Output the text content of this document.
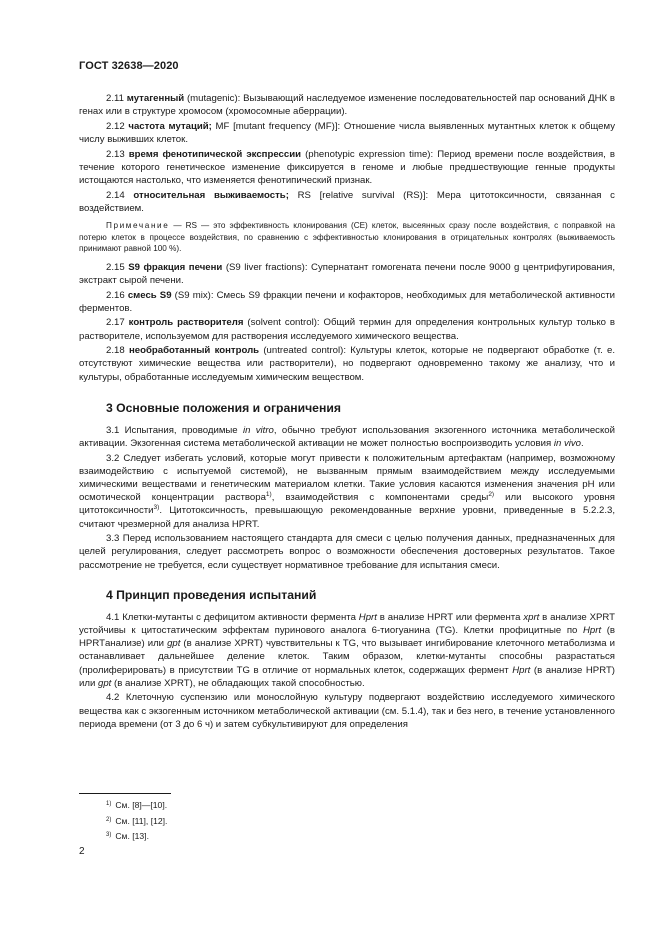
ГОСТ 32638—2020

2.11 мутагенный (mutagenic): Вызывающий наследуемое изменение последовательностей пар оснований ДНК в генах или в структуре хромосом (хромосомные аберрации).

2.12 частота мутаций; MF [mutant frequency (MF)]: Отношение числа выявленных мутантных клеток к общему числу выживших клеток.

2.13 время фенотипической экспрессии (phenotypic expression time): Период времени после воздействия, в течение которого генетическое изменение фиксируется в геноме и любые предшествующие генные продукты истощаются настолько, что изменяется фенотипический признак.

2.14 относительная выживаемость; RS [relative survival (RS)]: Мера цитотоксичности, связанная с воздействием.

Примечание — RS — это эффективность клонирования (CE) клеток, высеянных сразу после воздействия, с поправкой на потерю клеток в процессе воздействия, по сравнению с эффективностью клонирования в отрицательных контролях (выживаемость принимают равной 100 %).

2.15 S9 фракция печени (S9 liver fractions): Супернатант гомогената печени после 9000 g центрифугирования, экстракт сырой печени.

2.16 смесь S9 (S9 mix): Смесь S9 фракции печени и кофакторов, необходимых для метаболической активности ферментов.

2.17 контроль растворителя (solvent control): Общий термин для определения контрольных культур только в растворителе, используемом для растворения исследуемого химического вещества.

2.18 необработанный контроль (untreated control): Культуры клеток, которые не подвергают обработке (т. е. отсутствуют химические вещества или растворители), но подвергают одновременно такому же анализу, что и культуры, обработанные исследуемым химическим веществом.

3 Основные положения и ограничения

3.1 Испытания, проводимые in vitro, обычно требуют использования экзогенного источника метаболической активации. Экзогенная система метаболической активации не может полностью воспроизводить условия in vivo.

3.2 Следует избегать условий, которые могут привести к положительным артефактам (например, возможному взаимодействию с испытуемой системой), не вызванным прямым взаимодействием между исследуемыми химическими веществами и генетическим материалом клетки. Такие условия касаются изменения значения pH или осмотической концентрации раствора$^{1)}$, взаимодействия с компонентами среды$^{2)}$ или высокого уровня цитотоксичности$^{3)}$. Цитотоксичность, превышающую рекомендованные верхние уровни, приведенные в 5.2.2.3, считают чрезмерной для анализа HPRT.

3.3 Перед использованием настоящего стандарта для смеси с целью получения данных, предназначенных для целей регулирования, следует рассмотреть вопрос о возможности обеспечения достоверных результатов. Такое рассмотрение не требуется, если существует нормативное требование для испытания смеси.

4 Принцип проведения испытаний

4.1 Клетки-мутанты с дефицитом активности фермента Hprt в анализе HPRT или фермента xprt в анализе XPRT устойчивы к цитостатическим эффектам пуринового аналога 6-тиогуанина (TG). Клетки профицитные по Hprt (в HPRTанализе) или gpt (в анализе XPRT) чувствительны к TG, что вызывает ингибирование клеточного метаболизма и останавливает дальнейшее деление клеток. Таким образом, клетки-мутанты способны разрастаться (пролиферировать) в присутствии TG в отличие от нормальных клеток, содержащих фермент Hprt (в анализе HPRT) или gpt (в анализе XPRT), не обладающих такой способностью.

4.2 Клеточную суспензию или монослойную культуру подвергают воздействию исследуемого химического вещества как с экзогенным источником метаболической активации (см. 5.1.4), так и без него, в течение установленного периода времени (от 3 до 6 ч) и затем субкультивируют для определения

$^{1)}$ См. [8]—[10].
$^{2)}$ См. [11], [12].
$^{3)}$ См. [13].
2
